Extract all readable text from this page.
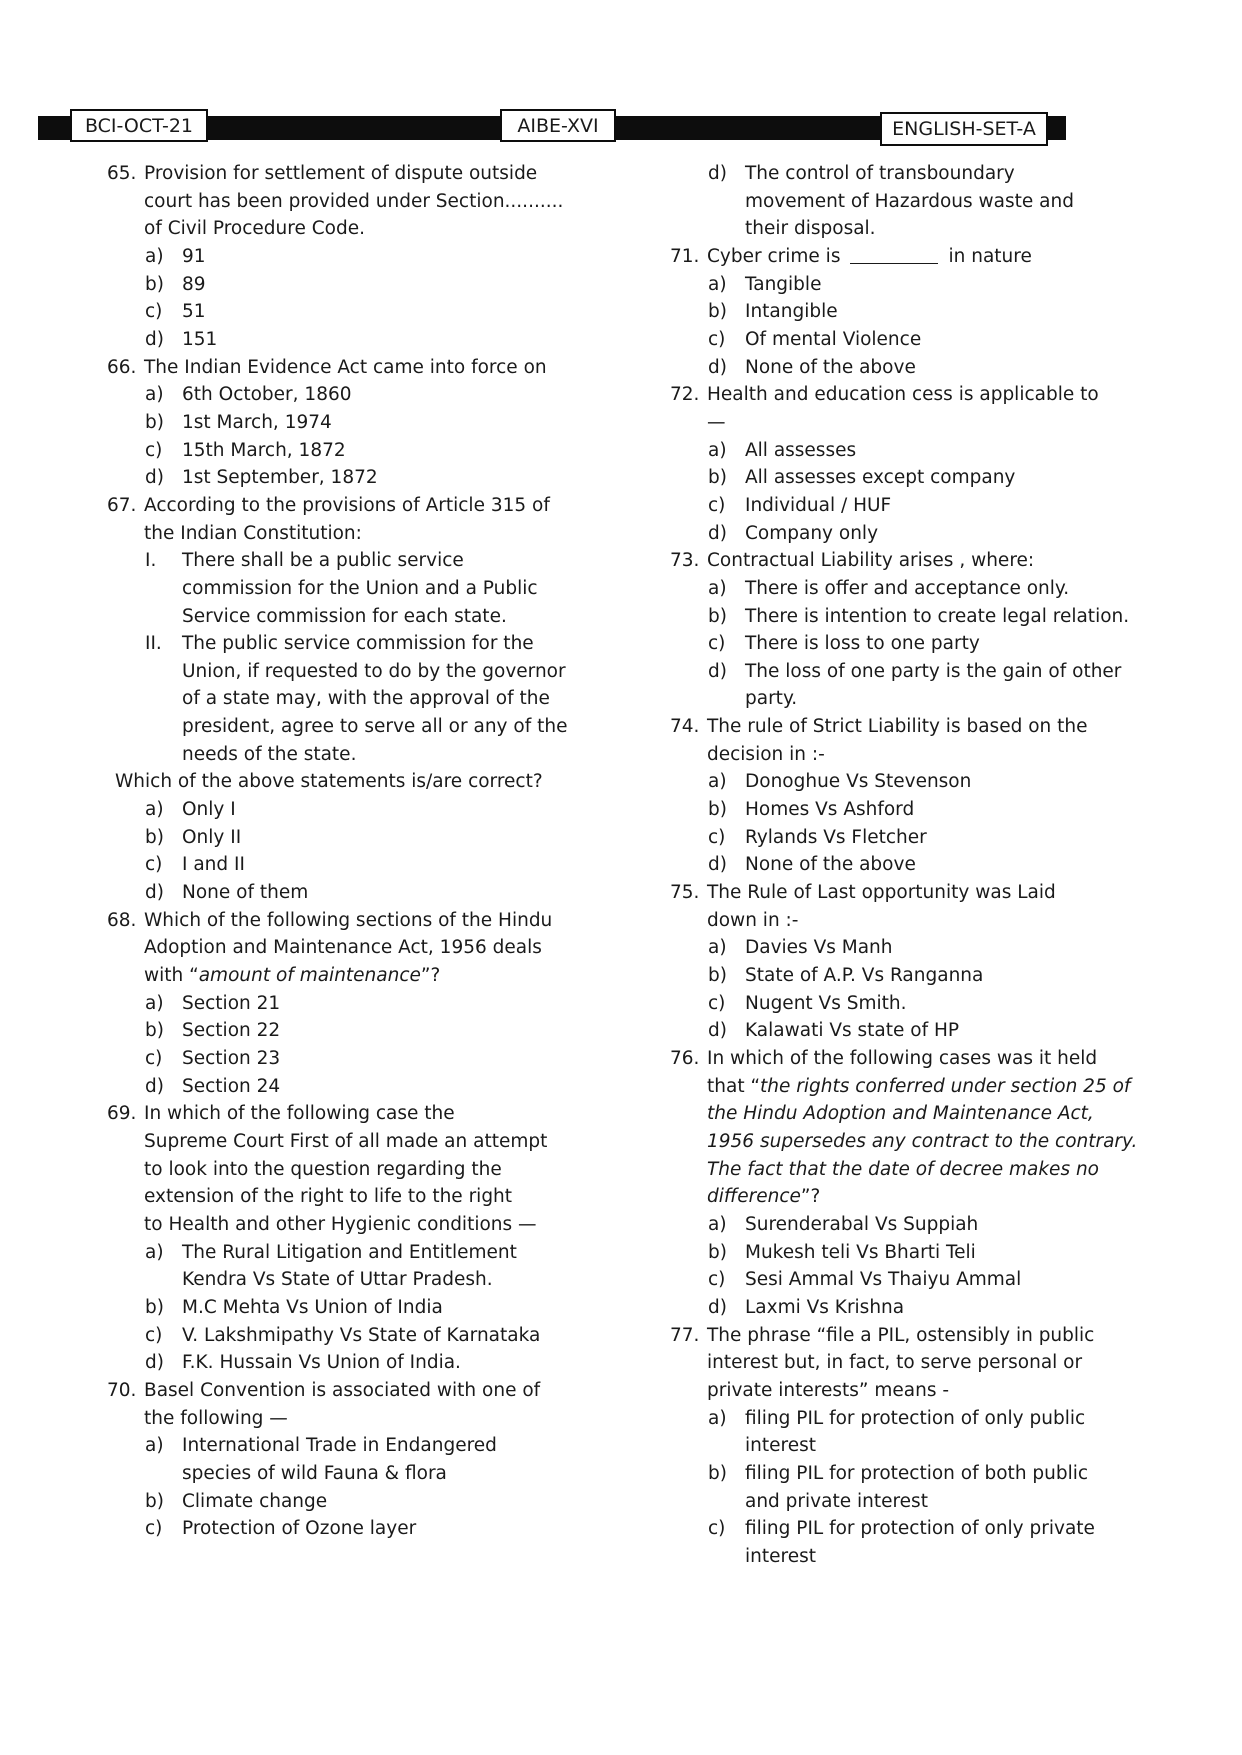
BCI-OCT-21	AIBE-XVI	ENGLISH-SET-A
65. Provision for settlement of dispute outside
court has been provided under Section..........
of Civil Procedure Code.
a) 91
b) 89
c) 51
d) 151
66. The Indian Evidence Act came into force on
a) 6th October, 1860
b) 1st March, 1974
c) 15th March, 1872
d) 1st September, 1872
67. According to the provisions of Article 315 of
the Indian Constitution:
I. There shall be a public service
commission for the Union and a Public
Service commission for each state.
II. The public service commission for the
Union, if requested to do by the governor
of a state may, with the approval of the
president, agree to serve all or any of the
needs of the state.
Which of the above statements is/are correct?
a) Only I
b) Only II
c) I and II
d) None of them
68. Which of the following sections of the Hindu
Adoption and Maintenance Act, 1956 deals
with “amount of maintenance”?
a) Section 21
b) Section 22
c) Section 23
d) Section 24
69. In which of the following case the
Supreme Court First of all made an attempt
to look into the question regarding the
extension of the right to life to the right
to Health and other Hygienic conditions —
a) The Rural Litigation and Entitlement
Kendra Vs State of Uttar Pradesh.
b) M.C Mehta Vs Union of India
c) V. Lakshmipathy Vs State of Karnataka
d) F.K. Hussain Vs Union of India.
70. Basel Convention is associated with one of
the following —
a) International Trade in Endangered
species of wild Fauna & flora
b) Climate change
c) Protection of Ozone layer
d) The control of transboundary
movement of Hazardous waste and
their disposal.
71. Cyber crime is	in nature
a) Tangible
b) Intangible
c) Of mental Violence
d) None of the above
72. Health and education cess is applicable to
—
a) All assesses
b) All assesses except company
c) Individual / HUF
d) Company only
73. Contractual Liability arises , where:
a) There is offer and acceptance only.
b) There is intention to create legal relation.
c) There is loss to one party
d) The loss of one party is the gain of other
party.
74. The rule of Strict Liability is based on the
decision in :-
a) Donoghue Vs Stevenson
b) Homes Vs Ashford
c) Rylands Vs Fletcher
d) None of the above
75. The Rule of Last opportunity was Laid
down in :-
a) Davies Vs Manh
b) State of A.P. Vs Ranganna
c) Nugent Vs Smith.
d) Kalawati Vs state of HP
76. In which of the following cases was it held
that “the rights conferred under section 25 of
the Hindu Adoption and Maintenance Act,
1956 supersedes any contract to the contrary.
The fact that the date of decree makes no
difference”?
a) Surenderabal Vs Suppiah
b) Mukesh teli Vs Bharti Teli
c) Sesi Ammal Vs Thaiyu Ammal
d) Laxmi Vs Krishna
77. The phrase “file a PIL, ostensibly in public
interest but, in fact, to serve personal or
private interests” means -
a) filing PIL for protection of only public
interest
b) filing PIL for protection of both public
and private interest
c) filing PIL for protection of only private
interest
